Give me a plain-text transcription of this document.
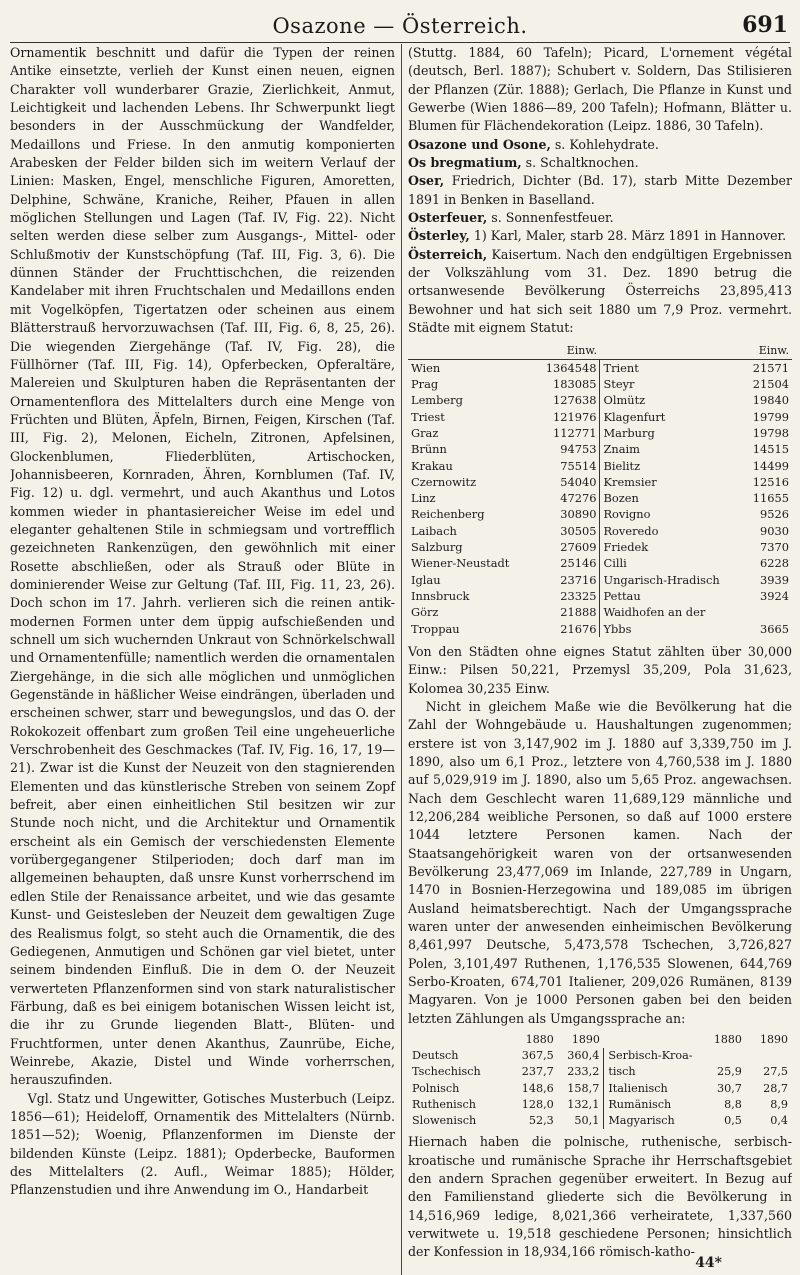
Osazone — Österreich.	691

Ornamentik beschnitt und dafür die Typen der reinen Antike einsetzte, verlieh der Kunst einen neuen, eignen Charakter voll wunderbarer Grazie, Zierlichkeit, Anmut, Leichtigkeit und lachenden Lebens. Ihr Schwerpunkt liegt besonders in der Ausschmückung der Wandfelder, Medaillons und Friese. In den anmutig komponierten Arabesken der Felder bilden sich im weitern Verlauf der Linien: Masken, Engel, menschliche Figuren, Amoretten, Delphine, Schwäne, Kraniche, Reiher, Pfauen in allen möglichen Stellungen und Lagen (Taf. IV, Fig. 22). Nicht selten werden diese selber zum Ausgangs-, Mittel- oder Schlußmotiv der Kunstschöpfung (Taf. III, Fig. 3, 6). Die dünnen Ständer der Fruchttischchen, die reizenden Kandelaber mit ihren Fruchtschalen und Medaillons enden mit Vogelköpfen, Tigertatzen oder scheinen aus einem Blätterstrauß hervorzuwachsen (Taf. III, Fig. 6, 8, 25, 26). Die wiegenden Ziergehänge (Taf. IV, Fig. 28), die Füllhörner (Taf. III, Fig. 14), Opferbecken, Opferaltäre, Malereien und Skulpturen haben die Repräsentanten der Ornamentenflora des Mittelalters durch eine Menge von Früchten und Blüten, Äpfeln, Birnen, Feigen, Kirschen (Taf. III, Fig. 2), Melonen, Eicheln, Zitronen, Apfelsinen, Glockenblumen, Fliederblüten, Artischocken, Johannisbeeren, Kornraden, Ähren, Kornblumen (Taf. IV, Fig. 12) u. dgl. vermehrt, und auch Akanthus und Lotos kommen wieder in phantasiereicher Weise im edel und eleganter gehaltenen Stile in schmiegsam und vortrefflich gezeichneten Rankenzügen, den gewöhnlich mit einer Rosette abschließen, oder als Strauß oder Blüte in dominierender Weise zur Geltung (Taf. III, Fig. 11, 23, 26). Doch schon im 17. Jahrh. verlieren sich die reinen antik-modernen Formen unter dem üppig aufschießenden und schnell um sich wuchernden Unkraut von Schnörkelschwall und Ornamentenfülle; namentlich werden die ornamentalen Ziergehänge, in die sich alle möglichen und unmöglichen Gegenstände in häßlicher Weise eindrängen, überladen und erscheinen schwer, starr und bewegungslos, und das O. der Rokokozeit offenbart zum großen Teil eine ungeheuerliche Verschrobenheit des Geschmackes (Taf. IV, Fig. 16, 17, 19—21). Zwar ist die Kunst der Neuzeit von den stagnierenden Elementen und das künstlerische Streben von seinem Zopf befreit, aber einen einheitlichen Stil besitzen wir zur Stunde noch nicht, und die Architektur und Ornamentik erscheint als ein Gemisch der verschiedensten Elemente vorübergegangener Stilperioden; doch darf man im allgemeinen behaupten, daß unsre Kunst vorherrschend im edlen Stile der Renaissance arbeitet, und wie das gesamte Kunst- und Geistesleben der Neuzeit dem gewaltigen Zuge des Realismus folgt, so steht auch die Ornamentik, die des Gediegenen, Anmutigen und Schönen gar viel bietet, unter seinem bindenden Einfluß. Die in dem O. der Neuzeit verwerteten Pflanzenformen sind von stark naturalistischer Färbung, daß es bei einigem botanischen Wissen leicht ist, die ihr zu Grunde liegenden Blatt-, Blüten- und Fruchtformen, unter denen Akanthus, Zaunrübe, Eiche, Weinrebe, Akazie, Distel und Winde vorherrschen, herauszufinden.

Vgl. Statz und Ungewitter, Gotisches Musterbuch (Leipz. 1856—61); Heideloff, Ornamentik des Mittelalters (Nürnb. 1851—52); Woenig, Pflanzenformen im Dienste der bildenden Künste (Leipz. 1881); Opderbecke, Bauformen des Mittelalters (2. Aufl., Weimar 1885); Hölder, Pflanzenstudien und ihre Anwendung im O., Handarbeit

(Stuttg. 1884, 60 Tafeln); Picard, L'ornement végétal (deutsch, Berl. 1887); Schubert v. Soldern, Das Stilisieren der Pflanzen (Zür. 1888); Gerlach, Die Pflanze in Kunst und Gewerbe (Wien 1886—89, 200 Tafeln); Hofmann, Blätter u. Blumen für Flächendekoration (Leipz. 1886, 30 Tafeln).

Osazone und Osone, s. Kohlehydrate.

Os bregmatium, s. Schaltknochen.

Oser, Friedrich, Dichter (Bd. 17), starb Mitte Dezember 1891 in Benken in Baselland.

Osterfeuer, s. Sonnenfestfeuer.

Österley, 1) Karl, Maler, starb 28. März 1891 in Hannover.

Österreich, Kaisertum. Nach den endgültigen Ergebnissen der Volkszählung vom 31. Dez. 1890 betrug die ortsanwesende Bevölkerung Österreichs 23,895,413 Bewohner und hat sich seit 1880 um 7,9 Proz. vermehrt. Städte mit eignem Statut:

	Einw.		Einw.
Wien	1364548	Trient	21571
Prag	183085	Steyr	21504
Lemberg	127638	Olmütz	19840
Triest	121976	Klagenfurt	19799
Graz	112771	Marburg	19798
Brünn	94753	Znaim	14515
Krakau	75514	Bielitz	14499
Czernowitz	54040	Kremsier	12516
Linz	47276	Bozen	11655
Reichenberg	30890	Rovigno	9526
Laibach	30505	Roveredo	9030
Salzburg	27609	Friedek	7370
Wiener-Neustadt	25146	Cilli	6228
Iglau	23716	Ungarisch-Hradisch	3939
Innsbruck	23325	Pettau	3924
Görz	21888	Waidhofen an der	
Troppau	21676	Ybbs	3665

Von den Städten ohne eignes Statut zählten über 30,000 Einw.: Pilsen 50,221, Przemysl 35,209, Pola 31,623, Kolomea 30,235 Einw.

Nicht in gleichem Maße wie die Bevölkerung hat die Zahl der Wohngebäude u. Haushaltungen zugenommen; erstere ist von 3,147,902 im J. 1880 auf 3,339,750 im J. 1890, also um 6,1 Proz., letztere von 4,760,538 im J. 1880 auf 5,029,919 im J. 1890, also um 5,65 Proz. angewachsen. Nach dem Geschlecht waren 11,689,129 männliche und 12,206,284 weibliche Personen, so daß auf 1000 erstere 1044 letztere Personen kamen. Nach der Staatsangehörigkeit waren von der ortsanwesenden Bevölkerung 23,477,069 im Inlande, 227,789 in Ungarn, 1470 in Bosnien-Herzegowina und 189,085 im übrigen Ausland heimatsberechtigt. Nach der Umgangssprache waren unter der anwesenden einheimischen Bevölkerung 8,461,997 Deutsche, 5,473,578 Tschechen, 3,726,827 Polen, 3,101,497 Ruthenen, 1,176,535 Slowenen, 644,769 Serbo-Kroaten, 674,701 Italiener, 209,026 Rumänen, 8139 Magyaren. Von je 1000 Personen gaben bei den beiden letzten Zählungen als Umgangssprache an:

	1880	1890		1880	1890
Deutsch	367,5	360,4	Serbisch-Kroa-		
Tschechisch	237,7	233,2	tisch	25,9	27,5
Polnisch	148,6	158,7	Italienisch	30,7	28,7
Ruthenisch	128,0	132,1	Rumänisch	8,8	8,9
Slowenisch	52,3	50,1	Magyarisch	0,5	0,4

Hiernach haben die polnische, ruthenische, serbisch-kroatische und rumänische Sprache ihr Herrschaftsgebiet den andern Sprachen gegenüber erweitert. In Bezug auf den Familienstand gliederte sich die Bevölkerung in 14,516,969 ledige, 8,021,366 verheiratete, 1,337,560 verwitwete u. 19,518 geschiedene Personen; hinsichtlich der Konfession in 18,934,166 römisch-katho-

44*
